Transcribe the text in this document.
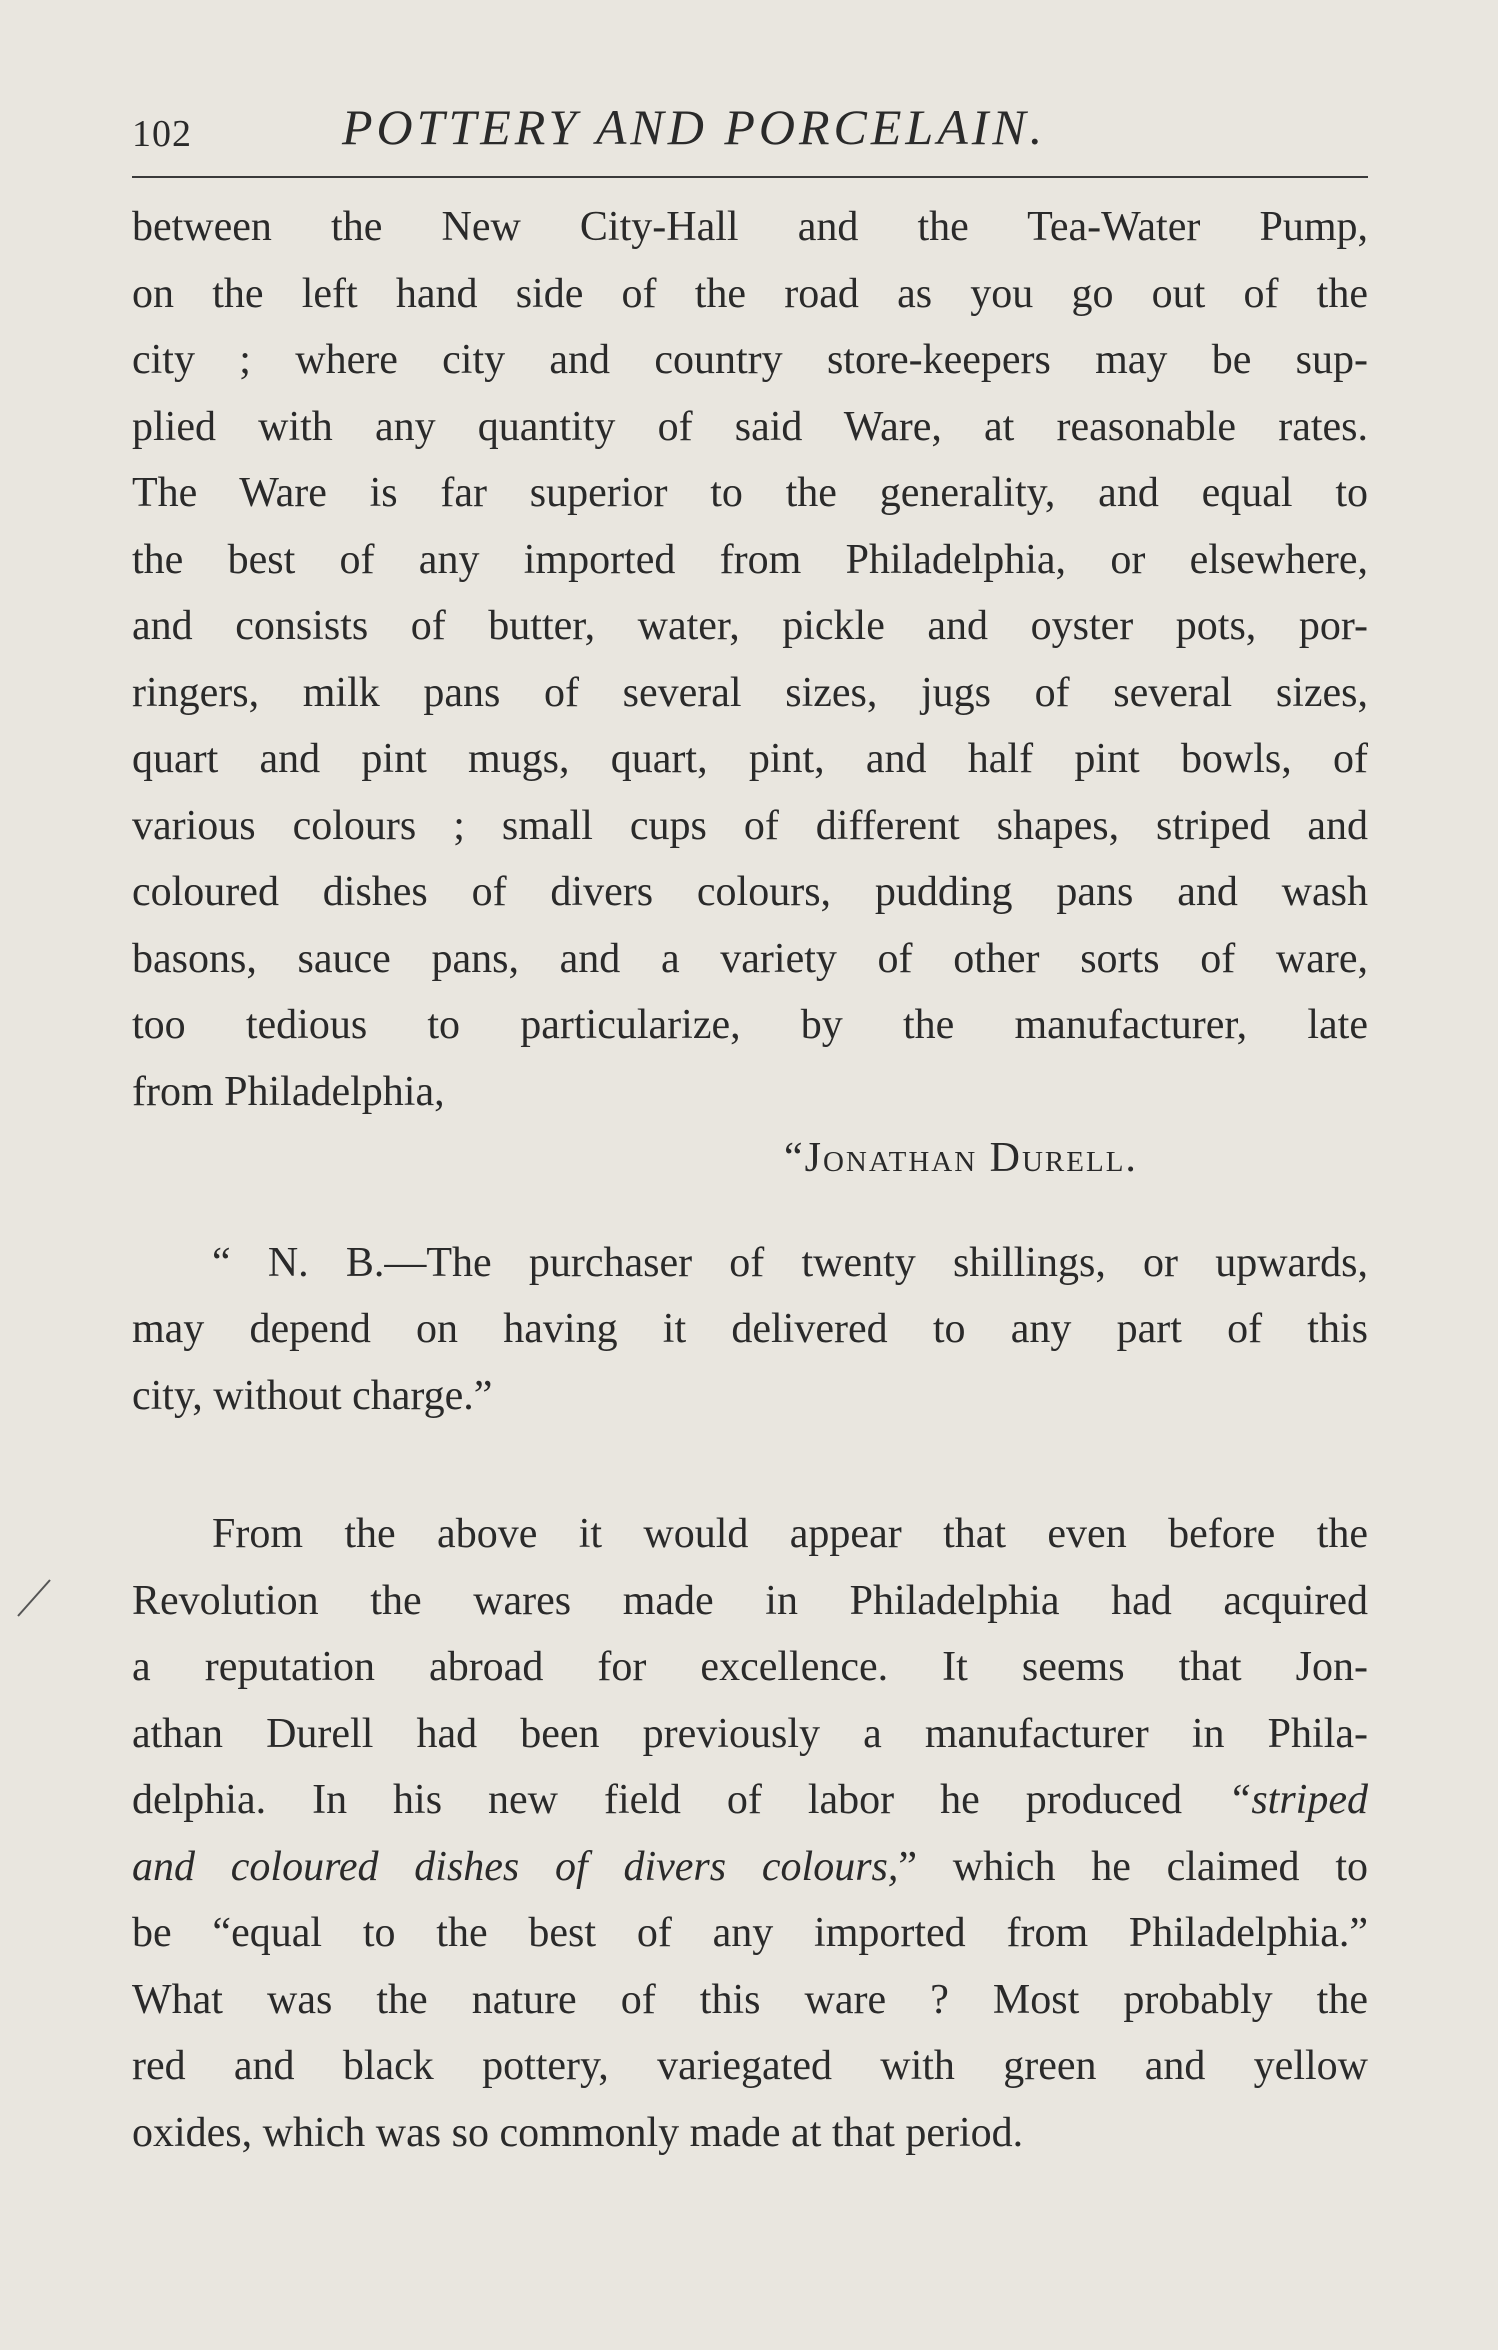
102	POTTERY AND PORCELAIN.
between the New City-Hall and the Tea-Water Pump,
on the left hand side of the road as you go out of the
city ; where city and country store-keepers may be sup-
plied with any quantity of said Ware, at reasonable rates.
The Ware is far superior to the generality, and equal to
the best of any imported from Philadelphia, or elsewhere,
and consists of butter, water, pickle and oyster pots, por-
ringers, milk pans of several sizes, jugs of several sizes,
quart and pint mugs, quart, pint, and half pint bowls, of
various colours ; small cups of different shapes, striped and
coloured dishes of divers colours, pudding pans and wash
basons, sauce pans, and a variety of other sorts of ware,
too tedious to particularize, by the manufacturer, late
from Philadelphia,
“Jonathan Durell.
“ N. B.—The purchaser of twenty shillings, or upwards,
may depend on having it delivered to any part of this
city, without charge.”
From the above it would appear that even before the
Revolution the wares made in Philadelphia had acquired
a reputation abroad for excellence. It seems that Jon-
athan Durell had been previously a manufacturer in Phila-
delphia. In his new field of labor he produced “striped
and coloured dishes of divers colours,” which he claimed to
be “equal to the best of any imported from Philadelphia.”
What was the nature of this ware ? Most probably the
red and black pottery, variegated with green and yellow
oxides, which was so commonly made at that period.
